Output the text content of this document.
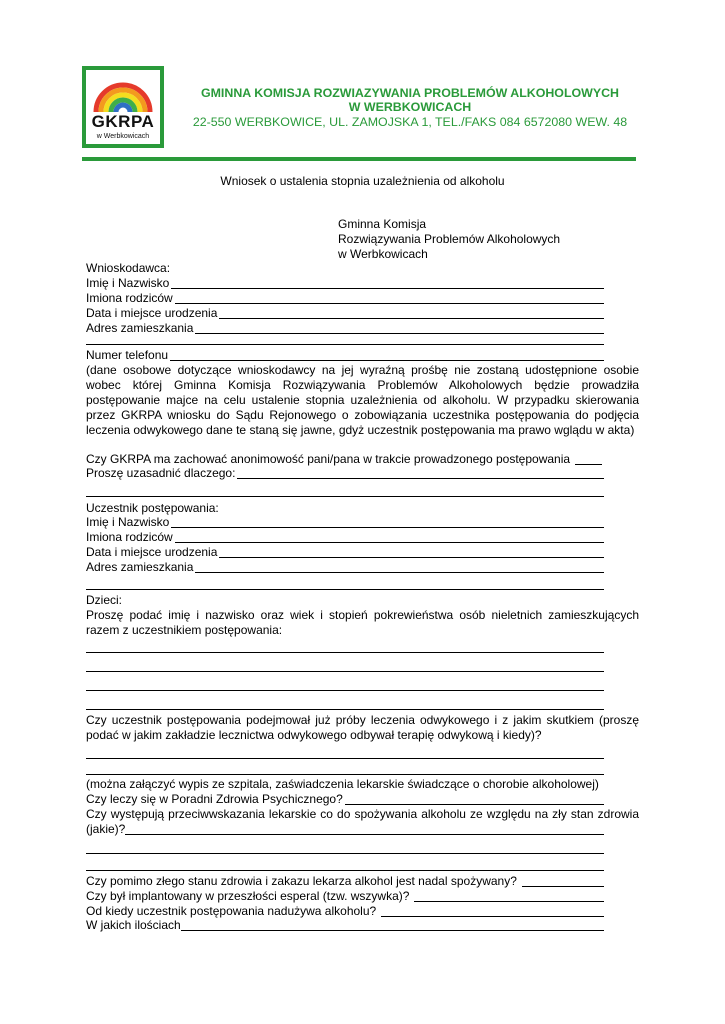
GKRPA
w Werbkowicach
GMINNA KOMISJA ROZWIAZYWANIA PROBLEMÓW ALKOHOLOWYCH
W WERBKOWICACH
22-550 WERBKOWICE, UL. ZAMOJSKA 1, TEL./FAKS 084 6572080 WEW. 48
Wniosek o ustalenia stopnia uzależnienia od alkoholu
Gminna Komisja
Rozwiązywania Problemów Alkoholowych
w Werbkowicach
Wnioskodawca:
Imię i Nazwisko
Imiona rodziców
Data i miejsce urodzenia
Adres zamieszkania
Numer telefonu
(dane osobowe dotyczące wnioskodawcy na jej wyraźną prośbę nie zostaną udostępnione osobie wobec której Gminna Komisja Rozwiązywania Problemów Alkoholowych będzie prowadziła postępowanie majce na celu ustalenie stopnia uzależnienia od alkoholu. W przypadku skierowania przez GKRPA wniosku do Sądu Rejonowego o zobowiązania uczestnika postępowania do podjęcia leczenia odwykowego dane te staną się jawne, gdyż uczestnik postępowania ma prawo wglądu w akta)
Czy GKRPA ma zachować anonimowość pani/pana w trakcie prowadzonego postępowania
Proszę uzasadnić dlaczego:
Uczestnik postępowania:
Imię i Nazwisko
Imiona rodziców
Data i miejsce urodzenia
Adres zamieszkania
Dzieci:
Proszę podać imię i nazwisko oraz wiek i stopień pokrewieństwa osób nieletnich zamieszkujących
razem z uczestnikiem postępowania:
Czy uczestnik postępowania podejmował już próby leczenia odwykowego i z jakim skutkiem (proszę
podać w jakim zakładzie lecznictwa odwykowego odbywał terapię odwykową i kiedy)?
(można załączyć wypis ze szpitala, zaświadczenia lekarskie świadczące o chorobie alkoholowej)
Czy leczy się w Poradni Zdrowia Psychicznego?
Czy występują przeciwwskazania lekarskie co do spożywania alkoholu ze względu na zły stan zdrowia
(jakie)?
Czy pomimo złego stanu zdrowia i zakazu lekarza alkohol jest nadal spożywany?
Czy był implantowany w przeszłości esperal (tzw. wszywka)?
Od kiedy uczestnik postępowania nadużywa alkoholu?
W jakich ilościach
